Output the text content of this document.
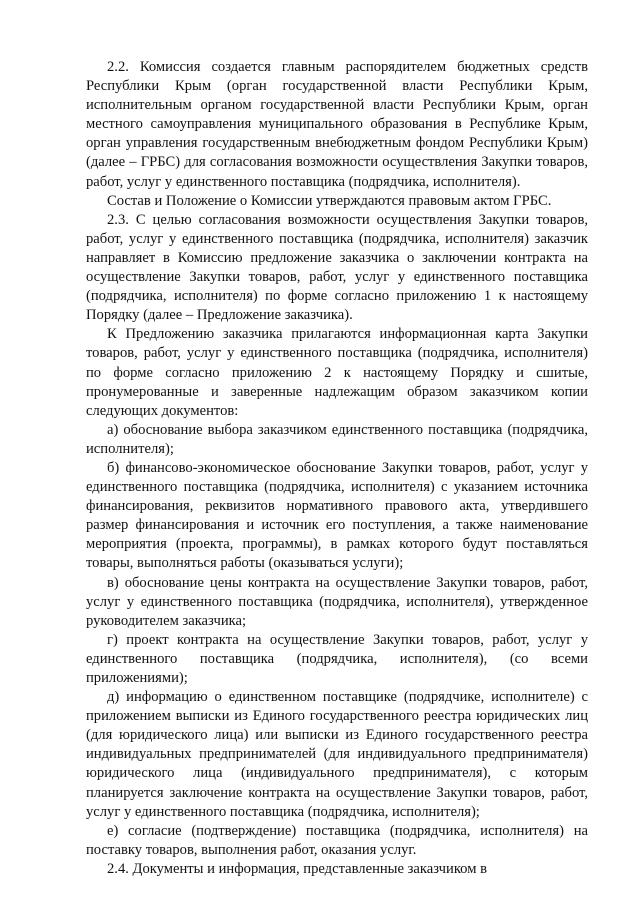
2.2. Комиссия создается главным распорядителем бюджетных средств Республики Крым (орган государственной власти Республики Крым, исполнительным органом государственной власти Республики Крым, орган местного самоуправления муниципального образования в Республике Крым, орган управления государственным внебюджетным фондом Республики Крым) (далее – ГРБС) для согласования возможности осуществления Закупки товаров, работ, услуг у единственного поставщика (подрядчика, исполнителя).

Состав и Положение о Комиссии утверждаются правовым актом ГРБС.

2.3. С целью согласования возможности осуществления Закупки товаров, работ, услуг у единственного поставщика (подрядчика, исполнителя) заказчик направляет в Комиссию предложение заказчика о заключении контракта на осуществление Закупки товаров, работ, услуг у единственного поставщика (подрядчика, исполнителя) по форме согласно приложению 1 к настоящему Порядку (далее – Предложение заказчика).

К Предложению заказчика прилагаются информационная карта Закупки товаров, работ, услуг у единственного поставщика (подрядчика, исполнителя) по форме согласно приложению 2 к настоящему Порядку и сшитые, пронумерованные и заверенные надлежащим образом заказчиком копии следующих документов:

а) обоснование выбора заказчиком единственного поставщика (подрядчика, исполнителя);

б) финансово-экономическое обоснование Закупки товаров, работ, услуг у единственного поставщика (подрядчика, исполнителя) с указанием источника финансирования, реквизитов нормативного правового акта, утвердившего размер финансирования и источник его поступления, а также наименование мероприятия (проекта, программы), в рамках которого будут поставляться товары, выполняться работы (оказываться услуги);

в) обоснование цены контракта на осуществление Закупки товаров, работ, услуг у единственного поставщика (подрядчика, исполнителя), утвержденное руководителем заказчика;

г) проект контракта на осуществление Закупки товаров, работ, услуг у единственного поставщика (подрядчика, исполнителя), (со всеми приложениями);

д) информацию о единственном поставщике (подрядчике, исполнителе) с приложением выписки из Единого государственного реестра юридических лиц (для юридического лица) или выписки из Единого государственного реестра индивидуальных предпринимателей (для индивидуального предпринимателя) юридического лица (индивидуального предпринимателя), с которым планируется заключение контракта на осуществление Закупки товаров, работ, услуг у единственного поставщика (подрядчика, исполнителя);

е) согласие (подтверждение) поставщика (подрядчика, исполнителя) на поставку товаров, выполнения работ, оказания услуг.

2.4. Документы и информация, представленные заказчиком в
